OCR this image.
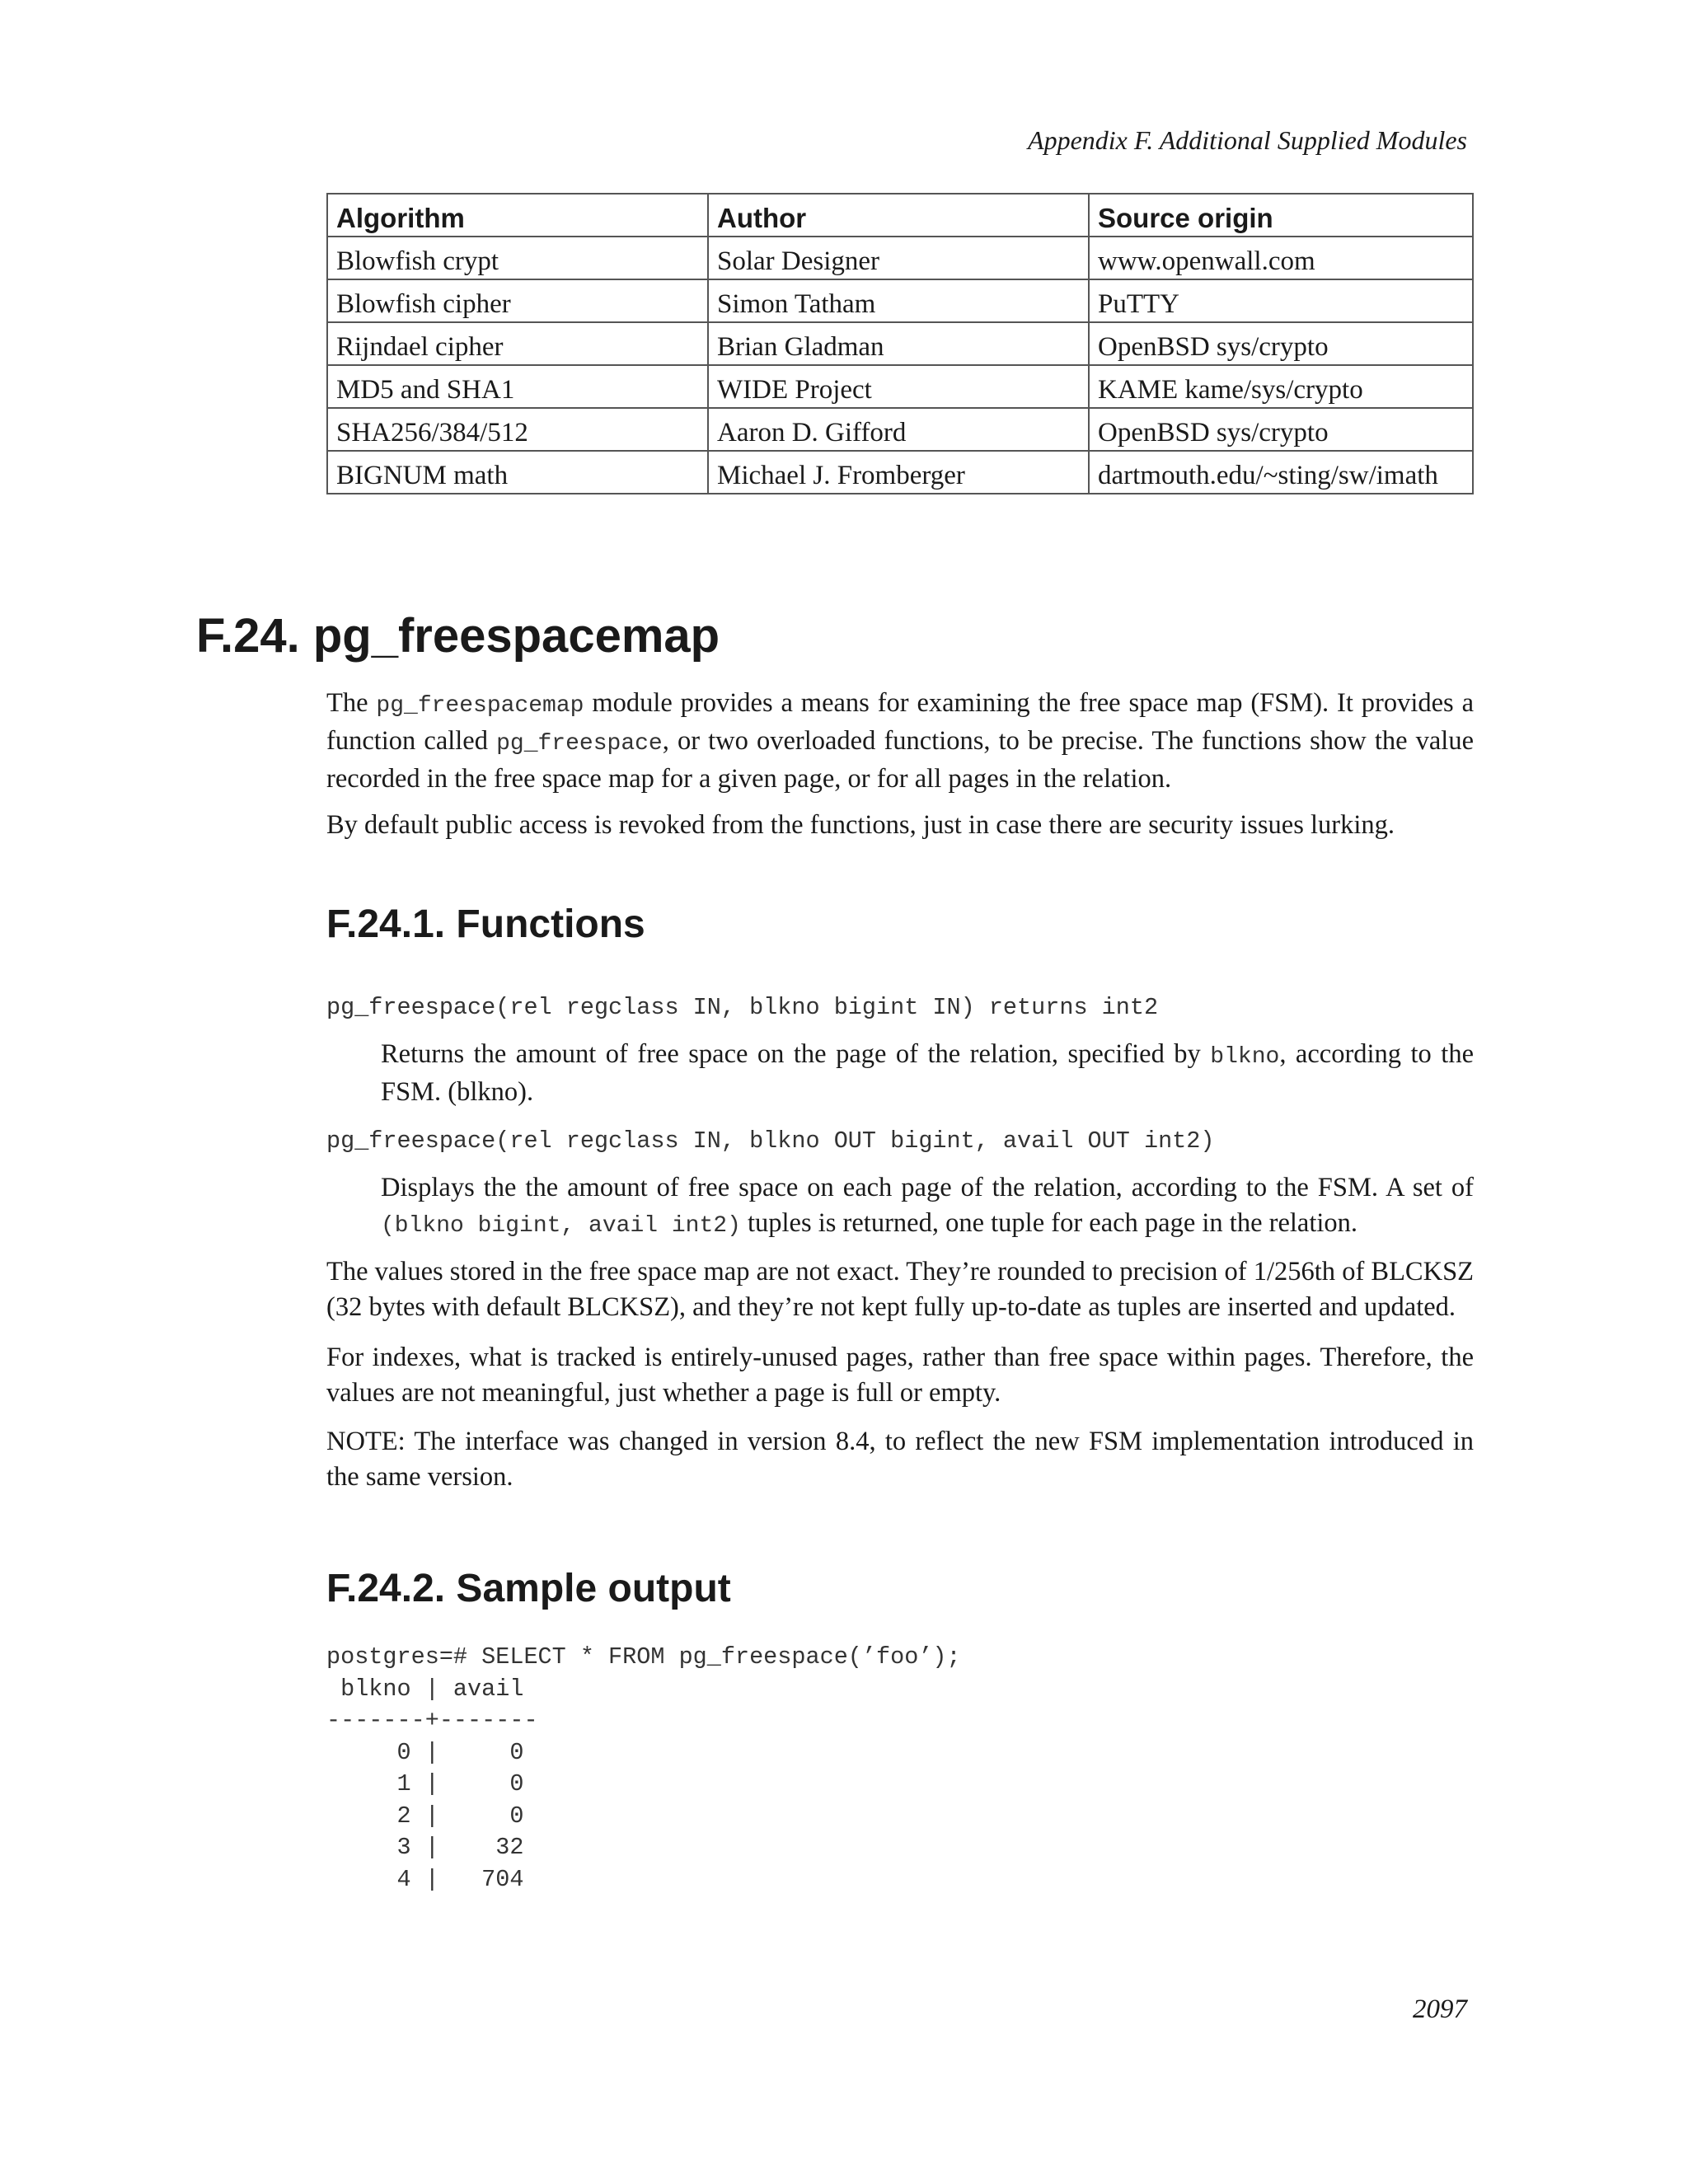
Appendix F. Additional Supplied Modules
Algorithm	Author	Source origin
Blowfish crypt	Solar Designer	www.openwall.com
Blowfish cipher	Simon Tatham	PuTTY
Rijndael cipher	Brian Gladman	OpenBSD sys/crypto
MD5 and SHA1	WIDE Project	KAME kame/sys/crypto
SHA256/384/512	Aaron D. Gifford	OpenBSD sys/crypto
BIGNUM math	Michael J. Fromberger	dartmouth.edu/~sting/sw/imath
F.24. pg_freespacemap

The pg_freespacemap module provides a means for examining the free space map (FSM). It provides a function called pg_freespace, or two overloaded functions, to be precise. The functions show the value recorded in the free space map for a given page, or for all pages in the relation.

By default public access is revoked from the functions, just in case there are security issues lurking.

F.24.1. Functions
pg_freespace(rel regclass IN, blkno bigint IN) returns int2

Returns the amount of free space on the page of the relation, specified by blkno, according to the FSM. (blkno).

pg_freespace(rel regclass IN, blkno OUT bigint, avail OUT int2)

Displays the the amount of free space on each page of the relation, according to the FSM. A set of (blkno bigint, avail int2) tuples is returned, one tuple for each page in the relation.

The values stored in the free space map are not exact. They’re rounded to precision of 1/256th of BLCKSZ (32 bytes with default BLCKSZ), and they’re not kept fully up-to-date as tuples are inserted and updated.

For indexes, what is tracked is entirely-unused pages, rather than free space within pages. Therefore, the values are not meaningful, just whether a page is full or empty.

NOTE: The interface was changed in version 8.4, to reflect the new FSM implementation introduced in the same version.

F.24.2. Sample output
postgres=# SELECT * FROM pg_freespace(’foo’);
blkno | avail
-------+-------
0 |     0
1 |     0
2 |     0
3 |    32
4 |   704
2097
